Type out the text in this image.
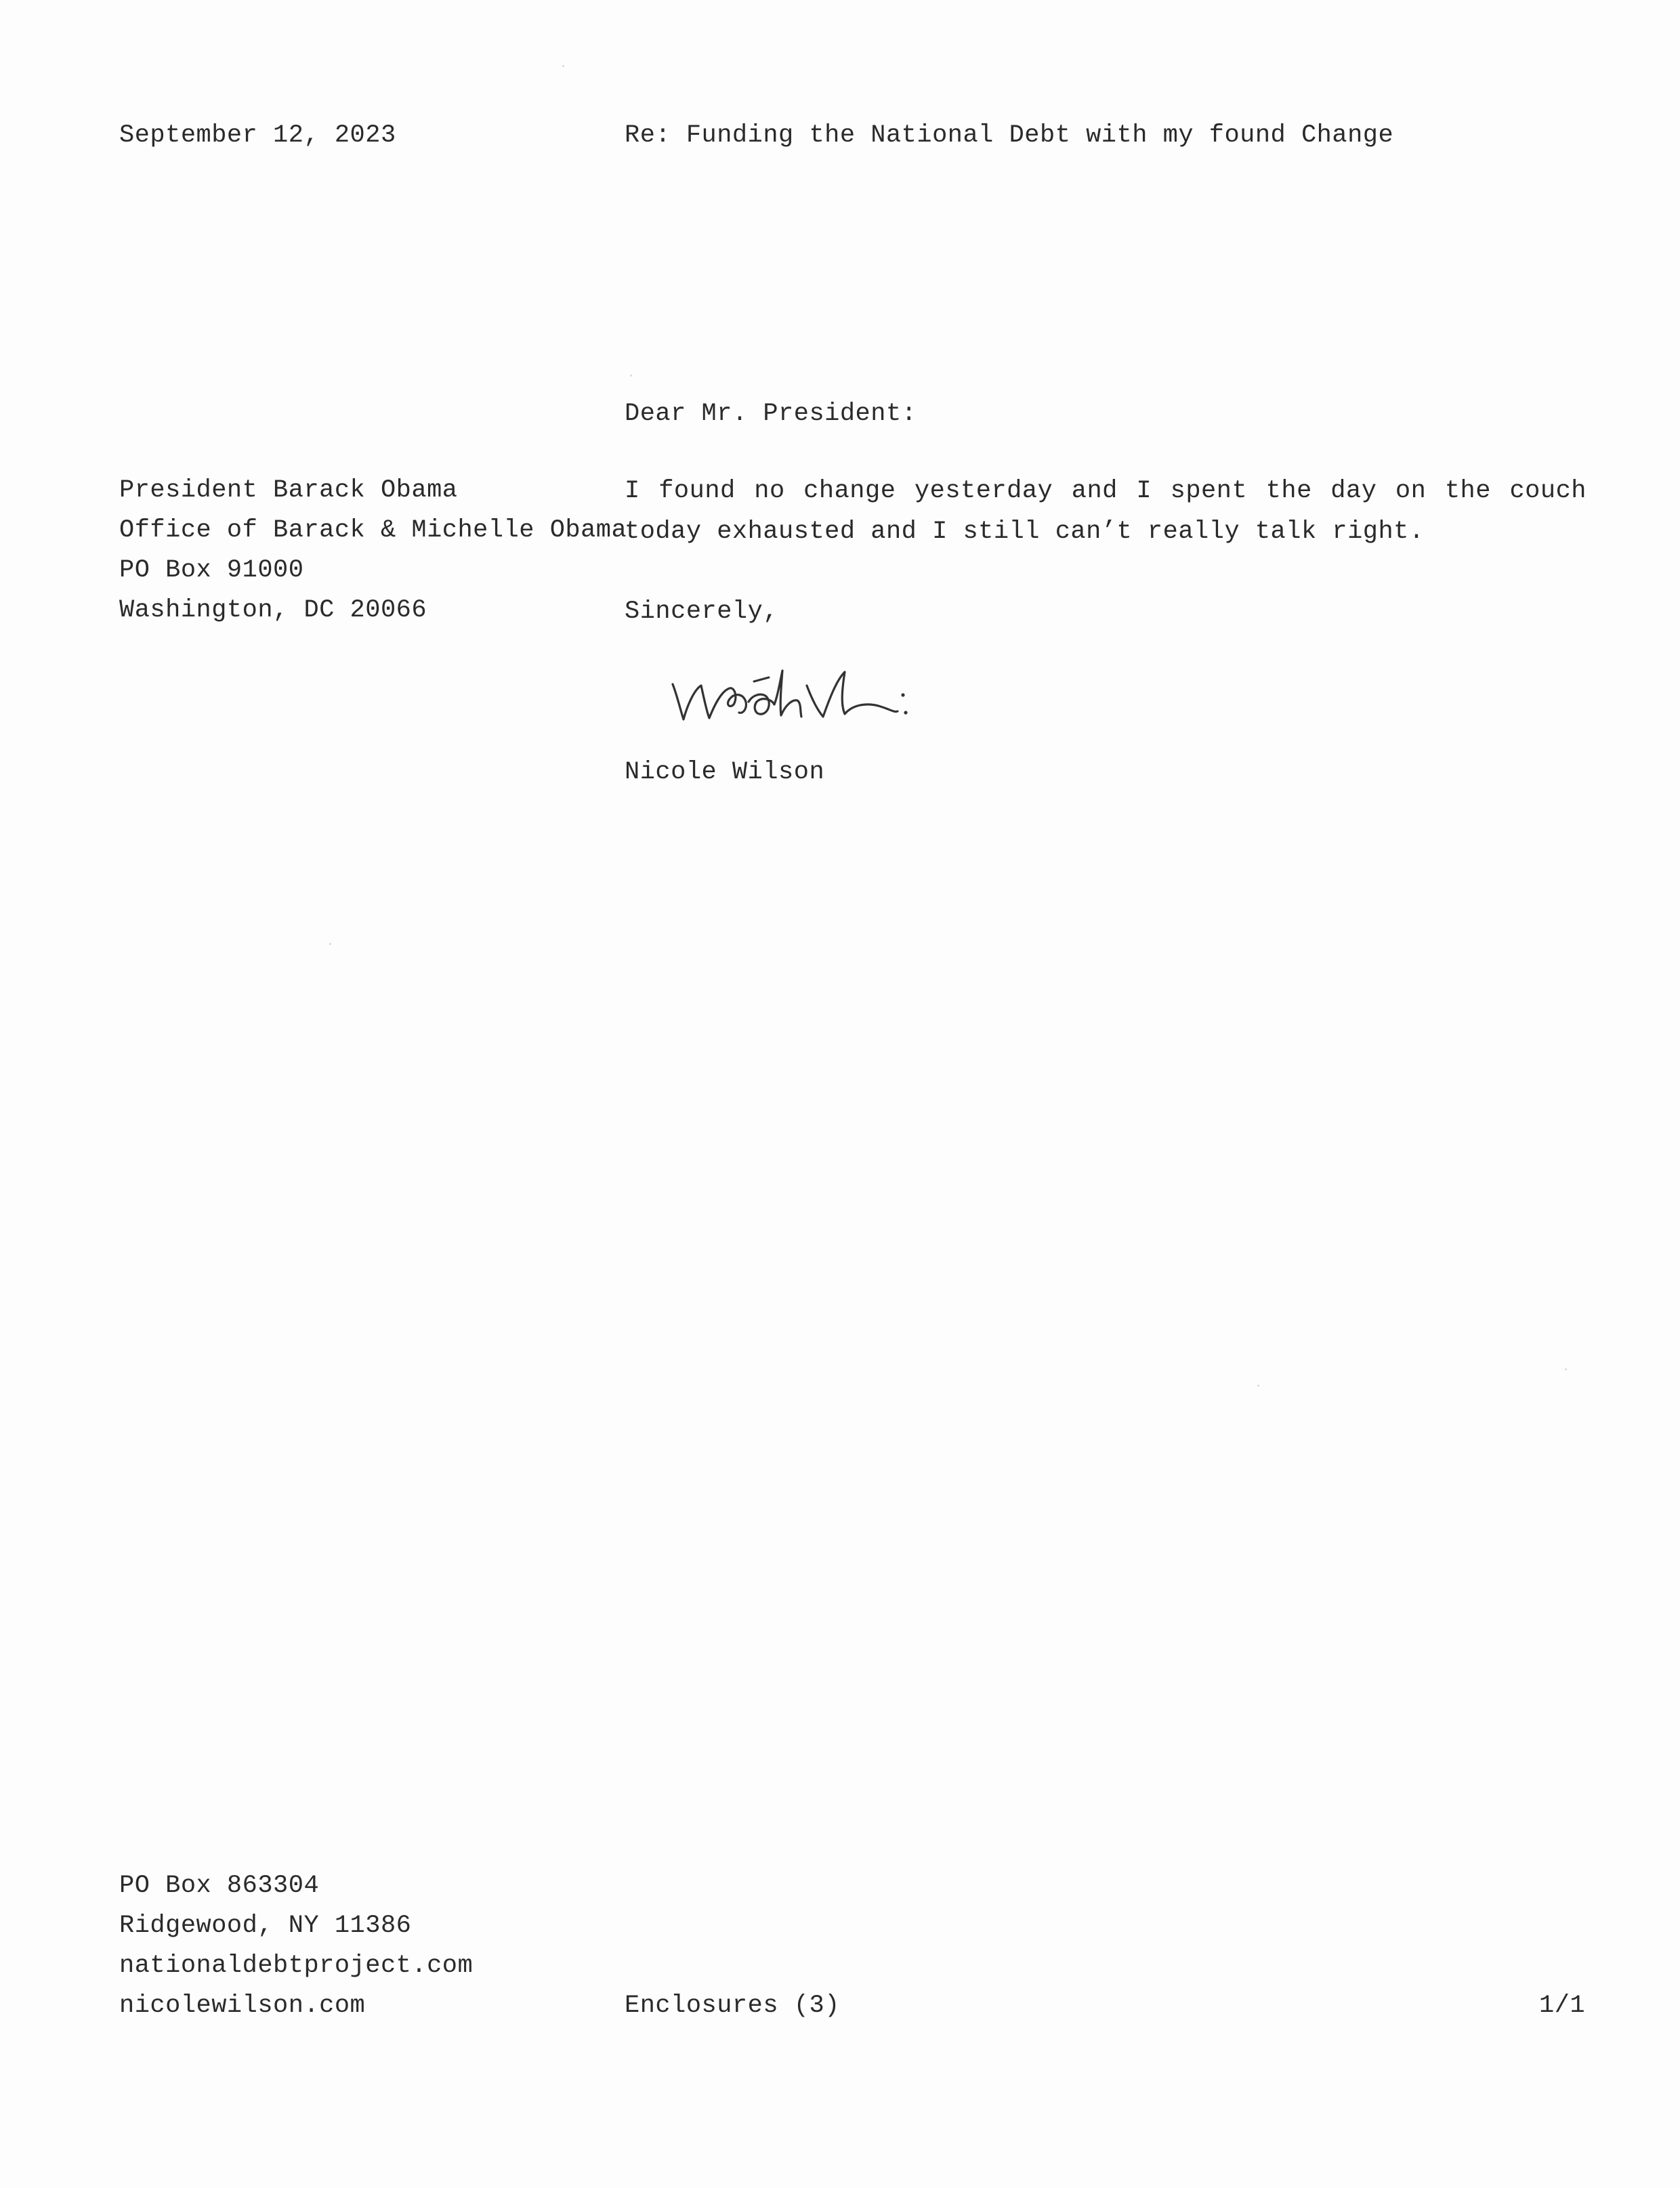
September 12, 2023	Re: Funding the National Debt with my found Change
Dear Mr. President:
President Barack Obama
Office of Barack & Michelle Obama
PO Box 91000
Washington, DC 20066
I found no change yesterday and I spent the day on the couch today exhausted and I still can’t really talk right.
Sincerely,
Nicole Wilson
PO Box 863304
Ridgewood, NY 11386
nationaldebtproject.com
nicolewilson.com	Enclosures (3)	1/1
